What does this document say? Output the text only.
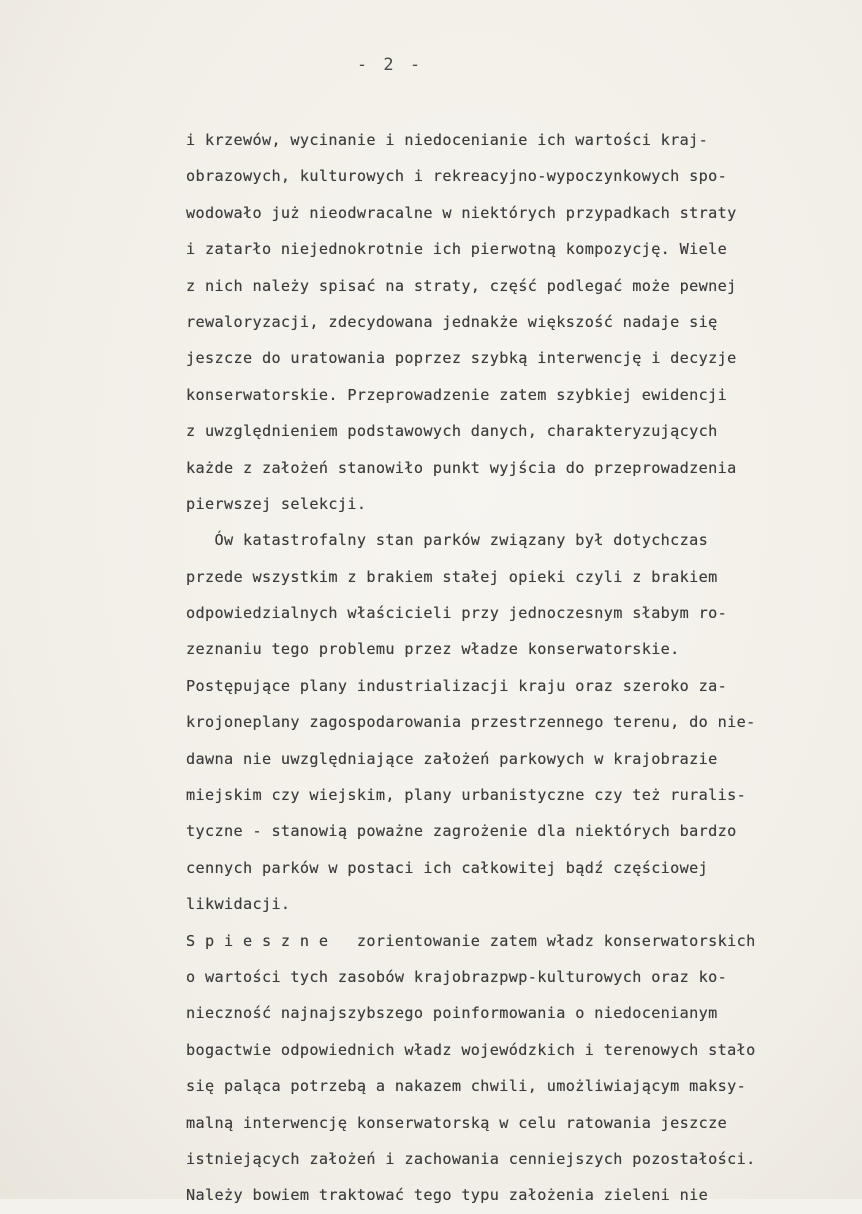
- 2 -
i krzewów, wycinanie i niedocenianie ich wartości kraj-
obrazowych, kulturowych i rekreacyjno-wypoczynkowych spo-
wodowało już nieodwracalne w niektórych przypadkach straty
i zatarło niejednokrotnie ich pierwotną kompozycję. Wiele
z nich należy spisać na straty, część podlegać może pewnej
rewaloryzacji, zdecydowana jednakże większość nadaje się
jeszcze do uratowania poprzez szybką interwencję i decyzje
konserwatorskie. Przeprowadzenie zatem szybkiej ewidencji
z uwzględnieniem podstawowych danych, charakteryzujących
każde z założeń stanowiło punkt wyjścia do przeprowadzenia
pierwszej selekcji.
Ów katastrofalny stan parków związany był dotychczas
przede wszystkim z brakiem stałej opieki czyli z brakiem
odpowiedzialnych właścicieli przy jednoczesnym słabym ro-
zeznaniu tego problemu przez władze konserwatorskie.
Postępujące plany industrializacji kraju oraz szeroko za-
krojoneplany zagospodarowania przestrzennego terenu, do nie-
dawna nie uwzględniające założeń parkowych w krajobrazie
miejskim czy wiejskim, plany urbanistyczne czy też ruralis-
tyczne - stanowią poważne zagrożenie dla niektórych bardzo
cennych parków w postaci ich całkowitej bądź częściowej
likwidacji.
S p i e s z n e   zorientowanie zatem władz konserwatorskich
o wartości tych zasobów krajobrazpwp-kulturowych oraz ko-
nieczność najnajszybszego poinformowania o niedocenianym
bogactwie odpowiednich władz wojewódzkich i terenowych stało
się paląca potrzebą a nakazem chwili, umożliwiającym maksy-
malną interwencję konserwatorską w celu ratowania jeszcze
istniejących założeń i zachowania cenniejszych pozostałości.
Należy bowiem traktować tego typu założenia zieleni nie
